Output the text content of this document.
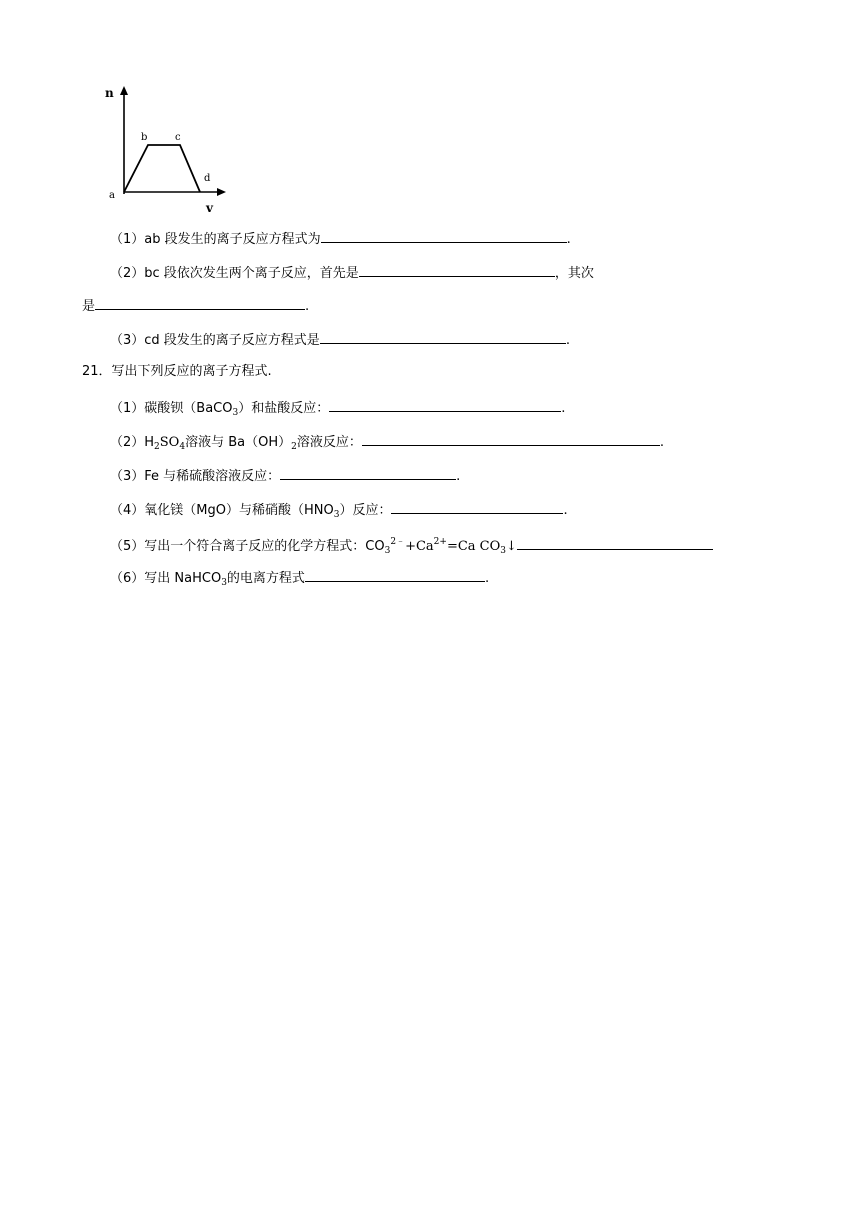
n
v
a
b	c
d
（1）ab 段发生的离子反应方程式为	.
（2）bc 段依次发生两个离子反应，首先是	，其次
是	.
（3）cd 段发生的离子反应方程式是	.
21．写出下列反应的离子方程式.
（1）碳酸钡（BaCO$_3$）和盐酸反应：	.
$(2)H_2SO_4$溶液与 $Ba(OH)_2$溶液反应：	.
（3）Fe 与稀硫酸溶液反应：	.
（4）氧化镁（MgO）与稀硝酸$(HNO_3)$反应：	.
（5）写出一个符合离子反应的化学方程式：$CO_3^{2﹣}+Ca^{2+}=Ca$ $CO_3↓$
（6）写出 NaHCO$_3$的电离方程式	.
